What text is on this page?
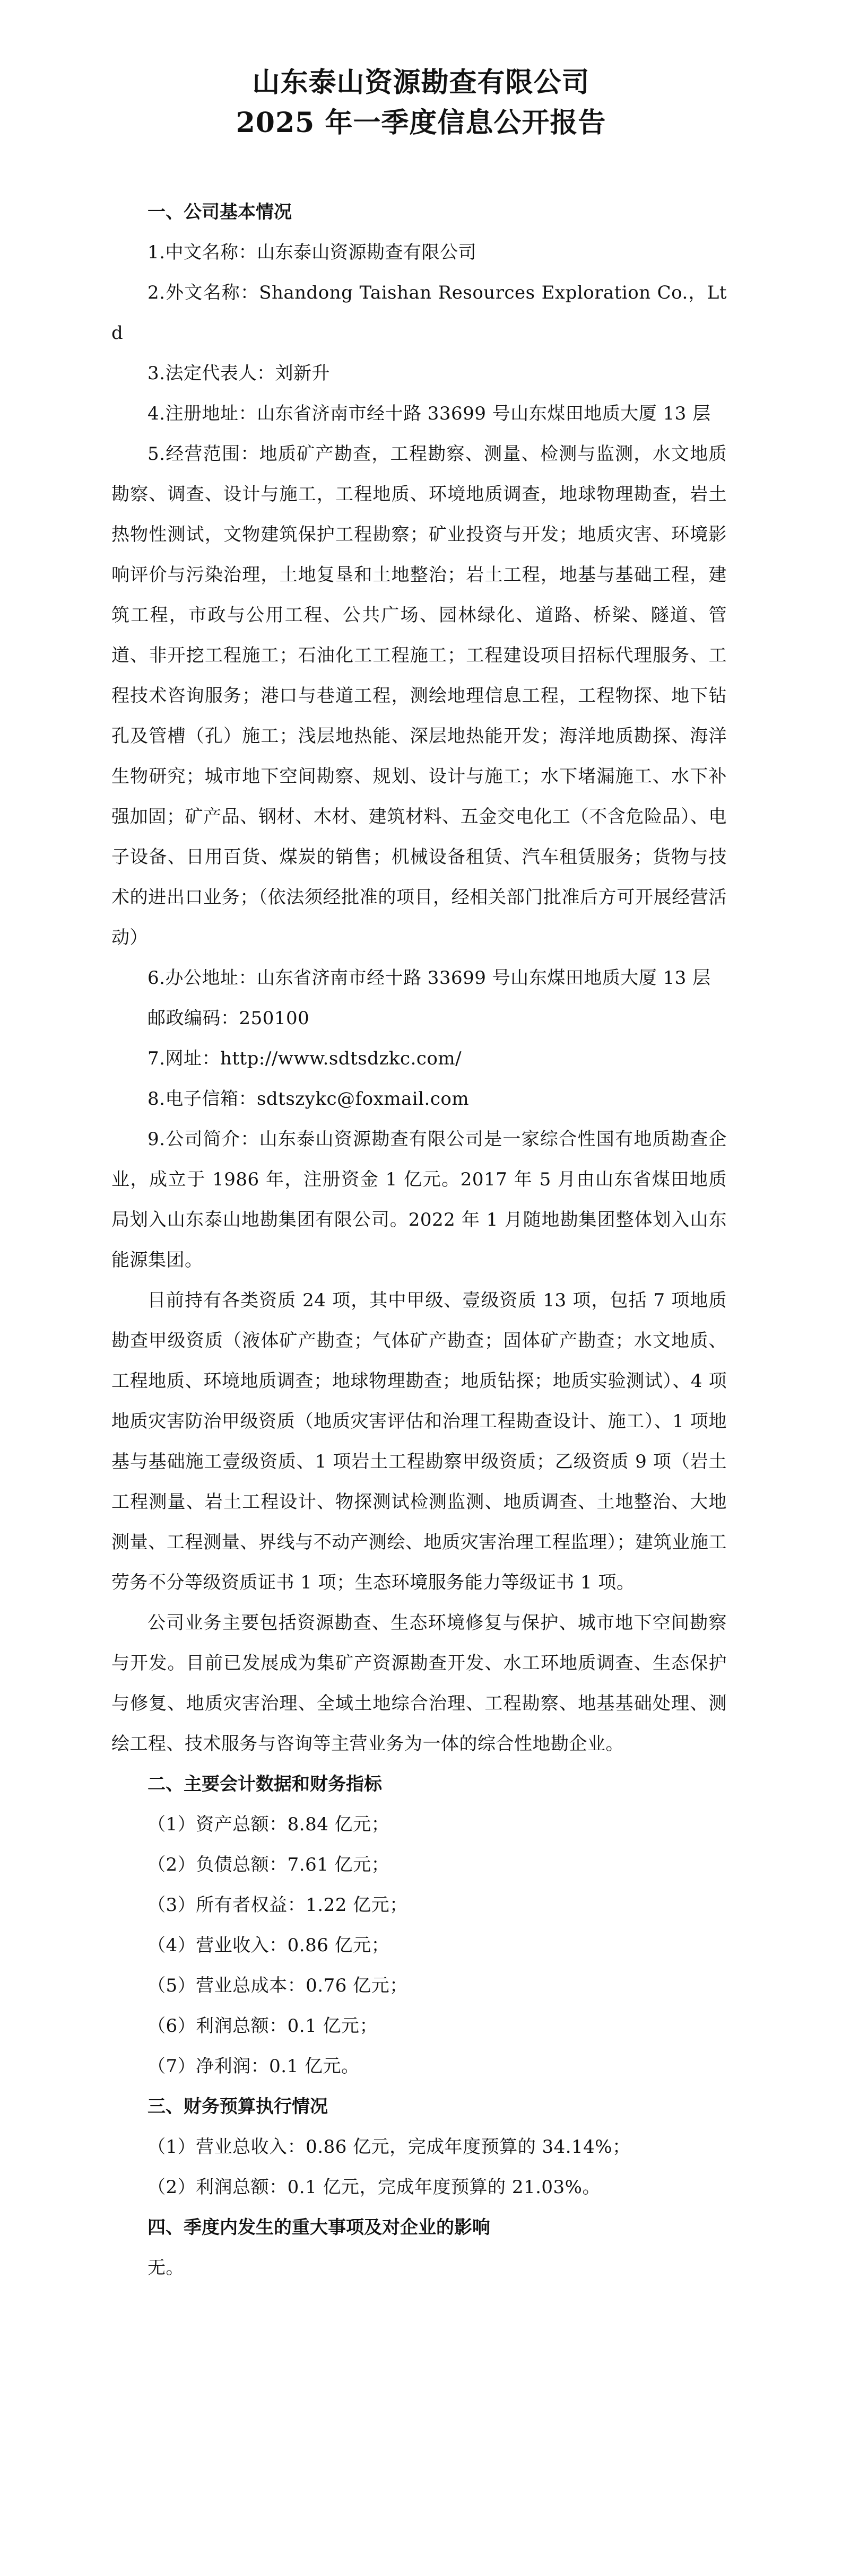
山东泰山资源勘查有限公司
2025 年一季度信息公开报告

一、公司基本情况

1.中文名称：山东泰山资源勘查有限公司

2.外文名称：Shandong Taishan Resources Exploration Co.，Ltd

3.法定代表人：刘新升

4.注册地址：山东省济南市经十路 33699 号山东煤田地质大厦 13 层

5.经营范围：地质矿产勘查，工程勘察、测量、检测与监测，水文地质勘察、调查、设计与施工，工程地质、环境地质调查，地球物理勘查，岩土热物性测试，文物建筑保护工程勘察；矿业投资与开发；地质灾害、环境影响评价与污染治理，土地复垦和土地整治；岩土工程，地基与基础工程，建筑工程，市政与公用工程、公共广场、园林绿化、道路、桥梁、隧道、管道、非开挖工程施工；石油化工工程施工；工程建设项目招标代理服务、工程技术咨询服务；港口与巷道工程，测绘地理信息工程，工程物探、地下钻孔及管槽（孔）施工；浅层地热能、深层地热能开发；海洋地质勘探、海洋生物研究；城市地下空间勘察、规划、设计与施工；水下堵漏施工、水下补强加固；矿产品、钢材、木材、建筑材料、五金交电化工（不含危险品）、电子设备、日用百货、煤炭的销售；机械设备租赁、汽车租赁服务；货物与技术的进出口业务；（依法须经批准的项目，经相关部门批准后方可开展经营活动）

6.办公地址：山东省济南市经十路 33699 号山东煤田地质大厦 13 层

邮政编码：250100

7.网址：http://www.sdtsdzkc.com/

8.电子信箱：sdtszykc@foxmail.com

9.公司简介：山东泰山资源勘查有限公司是一家综合性国有地质勘查企业，成立于 1986 年，注册资金 1 亿元。2017 年 5 月由山东省煤田地质局划入山东泰山地勘集团有限公司。2022 年 1 月随地勘集团整体划入山东能源集团。

目前持有各类资质 24 项，其中甲级、壹级资质 13 项，包括 7 项地质勘查甲级资质（液体矿产勘查；气体矿产勘查；固体矿产勘查；水文地质、工程地质、环境地质调查；地球物理勘查；地质钻探；地质实验测试）、4 项地质灾害防治甲级资质（地质灾害评估和治理工程勘查设计、施工）、1 项地基与基础施工壹级资质、1 项岩土工程勘察甲级资质；乙级资质 9 项（岩土工程测量、岩土工程设计、物探测试检测监测、地质调查、土地整治、大地测量、工程测量、界线与不动产测绘、地质灾害治理工程监理）；建筑业施工劳务不分等级资质证书 1 项；生态环境服务能力等级证书 1 项。

公司业务主要包括资源勘查、生态环境修复与保护、城市地下空间勘察与开发。目前已发展成为集矿产资源勘查开发、水工环地质调查、生态保护与修复、地质灾害治理、全域土地综合治理、工程勘察、地基基础处理、测绘工程、技术服务与咨询等主营业务为一体的综合性地勘企业。

二、主要会计数据和财务指标

（1）资产总额：8.84 亿元；

（2）负债总额：7.61 亿元；

（3）所有者权益：1.22 亿元；

（4）营业收入：0.86 亿元；

（5）营业总成本：0.76 亿元；

（6）利润总额：0.1 亿元；

（7）净利润：0.1 亿元。

三、财务预算执行情况

（1）营业总收入：0.86 亿元，完成年度预算的 34.14%；

（2）利润总额：0.1 亿元，完成年度预算的 21.03%。

四、季度内发生的重大事项及对企业的影响

无。
